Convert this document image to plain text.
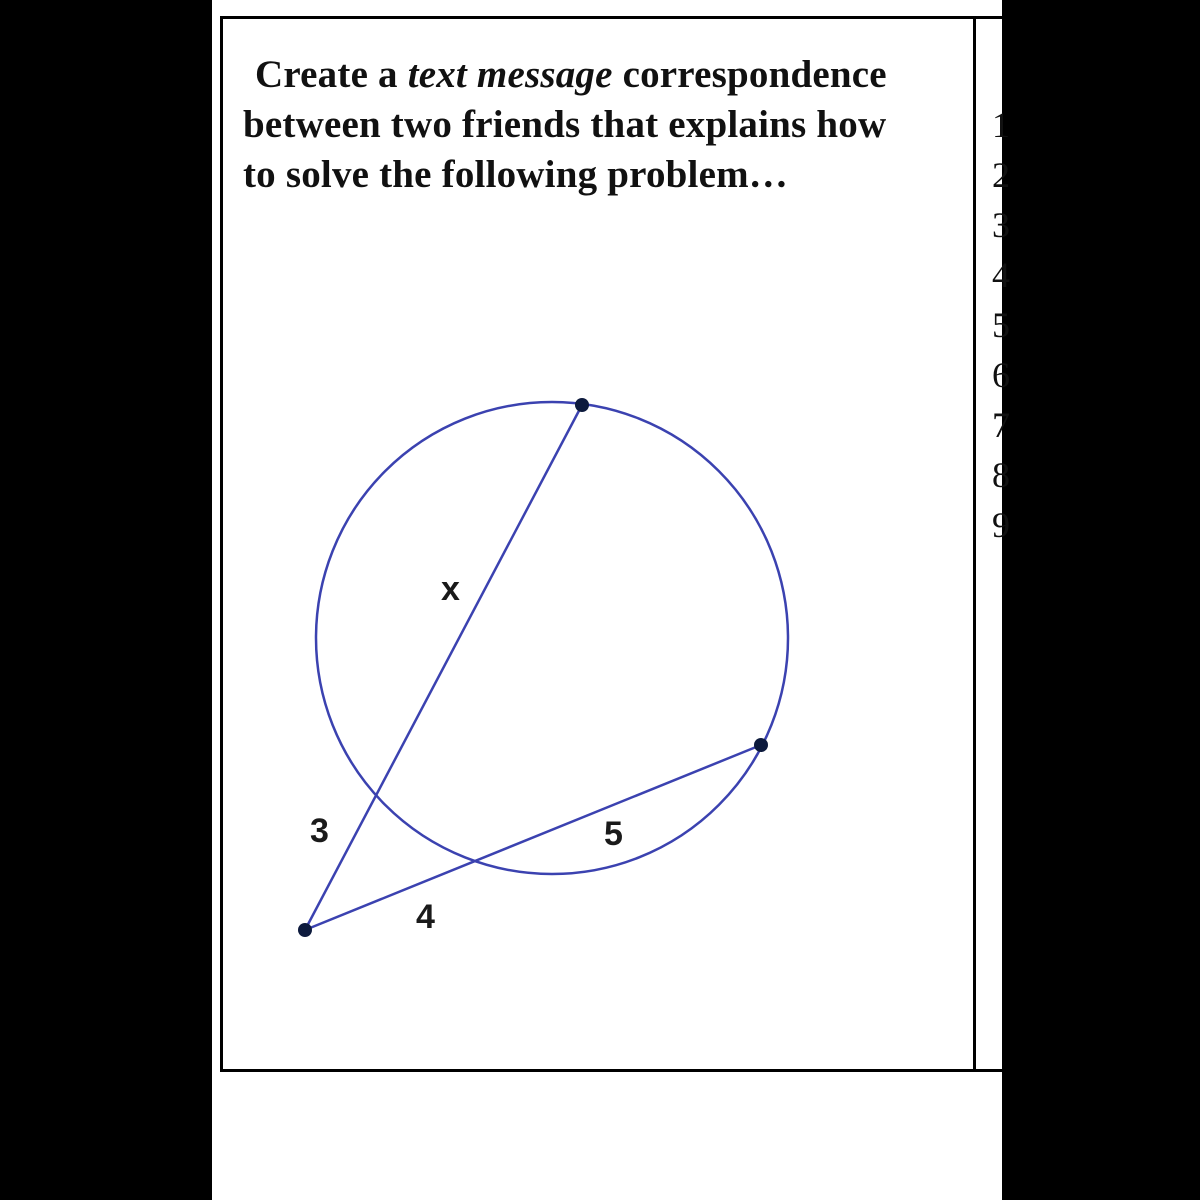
Create a text message correspondence
between two friends that explains how
to solve the following problem…

x
3
4
5
1
2
3
4
5
6
7
8
9
